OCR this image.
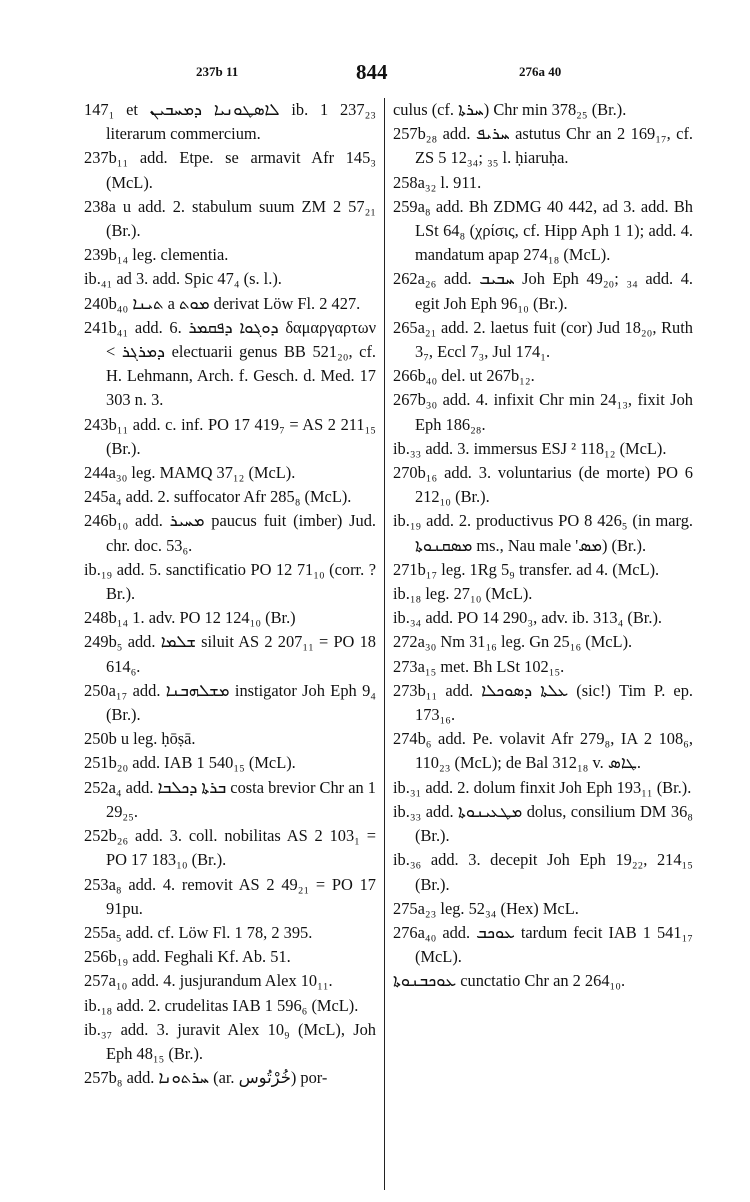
237b 11	844	276a 40

147₁ et ܠܐܣܛܘܢܝܐ ܕܡܚܒܝܢ ib. 1 237₂₃ literarum commercium.

237b₁₁ add. Etpe. se armavit Afr 145₃ (McL).

238a u add. 2. stabulum suum ZM 2 57₂₁ (Br.).

239b₁₄ leg. clementia.

ib.₄₁ ad 3. add. Spic 47₄ (s. l.).

240b₄₀ ܬܝܢܐ a ܡܘܬ derivat Löw Fl. 2 427.

241b₄₁ add. 6. ܕܘܓܘܐ ܕܦܩܡܪ δαμαργαρτων < ܕܡܪܓܪ electuarii genus BB 521₂₀, cf. H. Lehmann, Arch. f. Gesch. d. Med. 17 303 n. 3.

243b₁₁ add. c. inf. PO 17 419₇ = AS 2 211₁₅ (Br.).

244a₃₀ leg. MAMQ 37₁₂ (McL).

245a₄ add. 2. suffocator Afr 285₈ (McL).

246b₁₀ add. ܡܚܝܪ paucus fuit (imber) Jud. chr. doc. 53₆.

ib.₁₉ add. 5. sanctificatio PO 12 71₁₀ (corr. ? Br.).

248b₁₄ 1. adv. PO 12 124₁₀ (Br.)

249b₅ add. ܫܠܡܐ siluit AS 2 207₁₁ = PO 18 614₆.

250a₁₇ add. ܡܫܠܗܒܢܐ instigator Joh Eph 9₄ (Br.).

250b u leg. ḥōṣā.

251b₂₀ add. IAB 1 540₁₅ (McL).

252a₄ add. ܒܪܬܐ ܕܟܠܒܐ costa brevior Chr an 1 29₂₅.

252b₂₆ add. 3. coll. nobilitas AS 2 103₁ = PO 17 183₁₀ (Br.).

253a₈ add. 4. removit AS 2 49₂₁ = PO 17 91pu.

255a₅ add. cf. Löw Fl. 1 78, 2 395.

256b₁₉ add. Feghali Kf. Ab. 51.

257a₁₀ add. 4. jusjurandum Alex 10₁₁.

ib.₁₈ add. 2. crudelitas IAB 1 596₆ (McL).

ib.₃₇ add. 3. juravit Alex 10₉ (McL), Joh Eph 48₁₅ (Br.).

257b₈ add. ܚܪܬܘܢܐ (ar. خُرْتُوس) por-

culus (cf. ܚܪܬܐ) Chr min 378₂₅ (Br.).

257b₂₈ add. ܚܪܝܦ astutus Chr an 2 169₁₇, cf. ZS 5 12₃₄; ₃₅ l. ḥiaruḥa.

258a₃₂ l. 911.

259a₈ add. Bh ZDMG 40 442, ad 3. add. Bh LSt 64₈ (χρίσις, cf. Hipp Aph 1 1); add. 4. mandatum apap 274₁₈ (McL).

262a₂₆ add. ܚܒܝܒ Joh Eph 49₂₀; ₃₄ add. 4. egit Joh Eph 96₁₀ (Br.).

265a₂₁ add. 2. laetus fuit (cor) Jud 18₂₀, Ruth 3₇, Eccl 7₃, Jul 174₁.

266b₄₀ del. ut 267b₁₂.

267b₃₀ add. 4. infixit Chr min 24₁₃, fixit Joh Eph 186₂₈.

ib.₃₃ add. 3. immersus ESJ ² 118₁₂ (McL).

270b₁₆ add. 3. voluntarius (de morte) PO 6 212₁₀ (Br.).

ib.₁₉ add. 2. productivus PO 8 426₅ (in marg. ܡܣܩܢܘܬܐ ms., Nau male 'ܡܣ) (Br.).

271b₁₇ leg. 1Rg 5₉ transfer. ad 4. (McL).

ib.₁₈ leg. 27₁₀ (McL).

ib.₃₄ add. PO 14 290₃, adv. ib. 313₄ (Br.).

272a₃₀ Nm 31₁₆ leg. Gn 25₁₆ (McL).

273a₁₅ met. Bh LSt 102₁₅.

273b₁₁ add. ܥܠܬܐ ܕܣܘܟܠܐ (sic!) Tim P. ep. 173₁₆.

274b₆ add. Pe. volavit Afr 279₈, IA 2 108₆, 110₂₃ (McL); de Bal 312₁₈ v. ܛܐܣ.

ib.₃₁ add. 2. dolum finxit Joh Eph 193₁₁ (Br.).

ib.₃₃ add. ܡܛܥܝܢܘܬܐ dolus, consilium DM 36₈ (Br.).

ib.₃₆ add. 3. decepit Joh Eph 19₂₂, 214₁₅ (Br.).

275a₂₃ leg. 52₃₄ (Hex) McL.

276a₄₀ add. ܥܘܟܒ tardum fecit IAB 1 541₁₇ (McL).

ܥܘܟܒܢܘܬܐ cunctatio Chr an 2 264₁₀.
